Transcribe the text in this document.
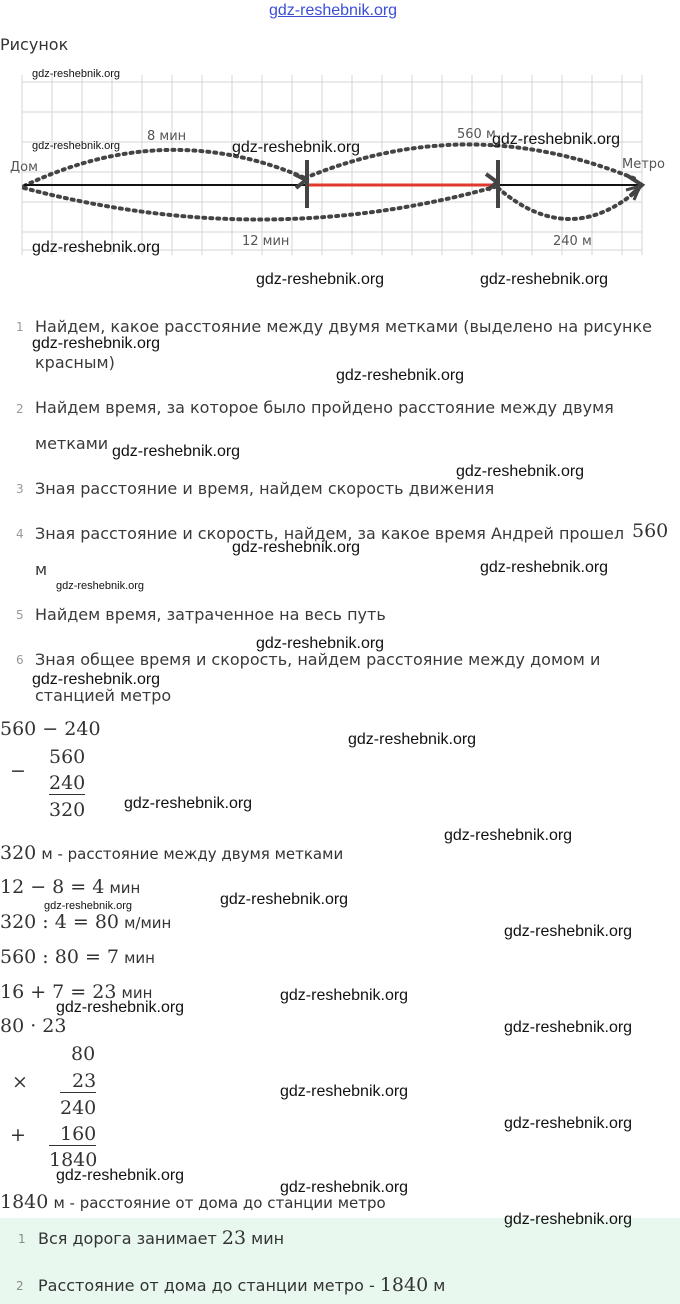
gdz-reshebnik.org
Рисунок
Дом	Метро
8 мин	560 м
12 мин	240 м
1 Найдем, какое расстояние между двумя метками (выделено на рисунке
красным)
2 Найдем время, за которое было пройдено расстояние между двумя
метками
3 Зная расстояние и время, найдем скорость движения
4 Зная расстояние и скорость, найдем, за какое время Андрей прошел 560
м
5 Найдем время, затраченное на весь путь
6 Зная общее время и скорость, найдем расстояние между домом и
станцией метро
560 − 240
−
560
240
320
320 м - расстояние между двумя метками
12 − 8 = 4 мин
320 : 4 = 80 м/мин
560 : 80 = 7 мин
16 + 7 = 23 мин
80 · 23
80
×	23
240
+	160
1840
1840 м - расстояние от дома до станции метро
1 Вся дорога занимает 23 мин
2 Расстояние от дома до станции метро - 1840 м
gdz-reshebnik.org
gdz-reshebnik.org	gdz-reshebnik.org	gdz-reshebnik.org
gdz-reshebnik.org
gdz-reshebnik.org	gdz-reshebnik.org
gdz-reshebnik.org
gdz-reshebnik.org
gdz-reshebnik.org
gdz-reshebnik.org
gdz-reshebnik.org
gdz-reshebnik.org
gdz-reshebnik.org
gdz-reshebnik.org
gdz-reshebnik.org
gdz-reshebnik.org
gdz-reshebnik.org
gdz-reshebnik.org
gdz-reshebnik.org
gdz-reshebnik.org
gdz-reshebnik.org
gdz-reshebnik.org
gdz-reshebnik.org
gdz-reshebnik.org
gdz-reshebnik.org
gdz-reshebnik.org
gdz-reshebnik.org
gdz-reshebnik.org
gdz-reshebnik.org
